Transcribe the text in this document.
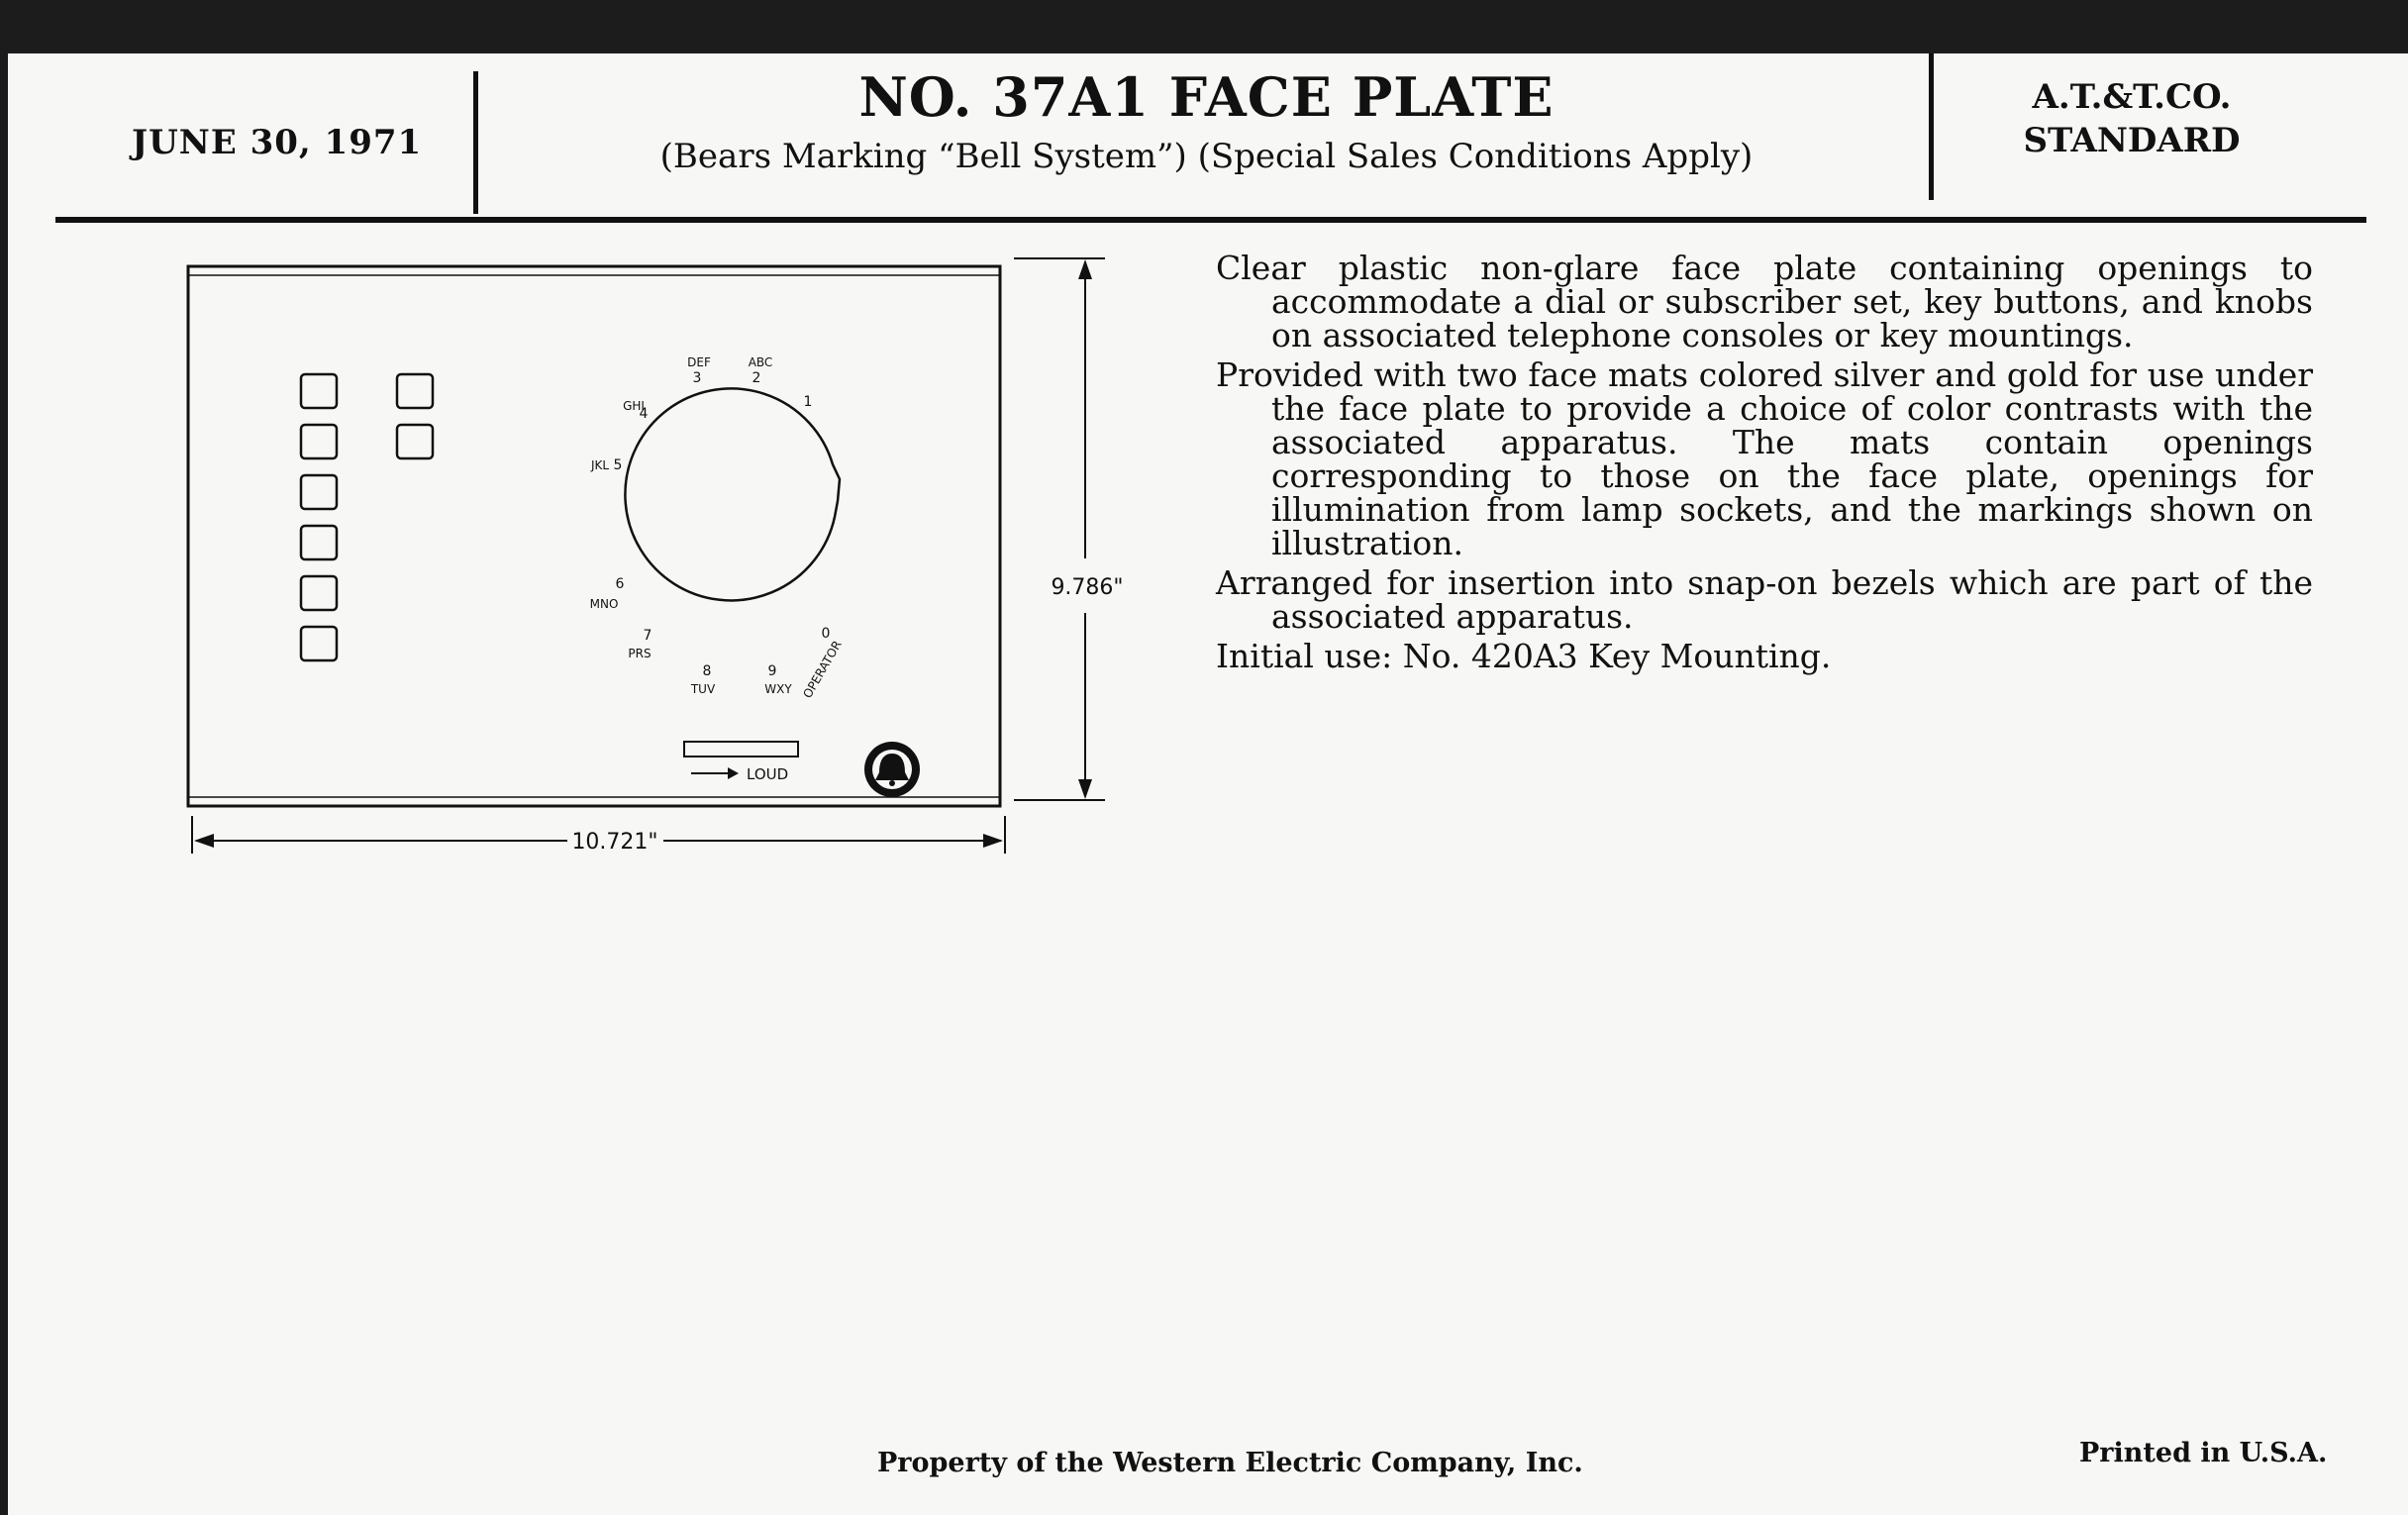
JUNE 30, 1971
NO. 37A1 FACE PLATE
(Bears Marking “Bell System”) (Special Sales Conditions Apply)
A.T.&T.CO.
STANDARD
1
2
ABC
3
DEF
4
GHI
5
JKL
6
MNO
7
PRS
8
TUV
9
WXY
0
OPERATOR
LOUD
9.786"
10.721"

Clear plastic non-glare face plate containing openings to accommodate a dial or subscriber set, key buttons, and knobs on associated telephone consoles or key mountings.

Provided with two face mats colored silver and gold for use under the face plate to provide a choice of color contrasts with the associated apparatus. The mats contain openings corresponding to those on the face plate, openings for illumination from lamp sockets, and the markings shown on illustration.

Arranged for insertion into snap-on bezels which are part of the associated apparatus.

Initial use: No. 420A3 Key Mounting.

Property of the Western Electric Company, Inc.	Printed in U.S.A.
